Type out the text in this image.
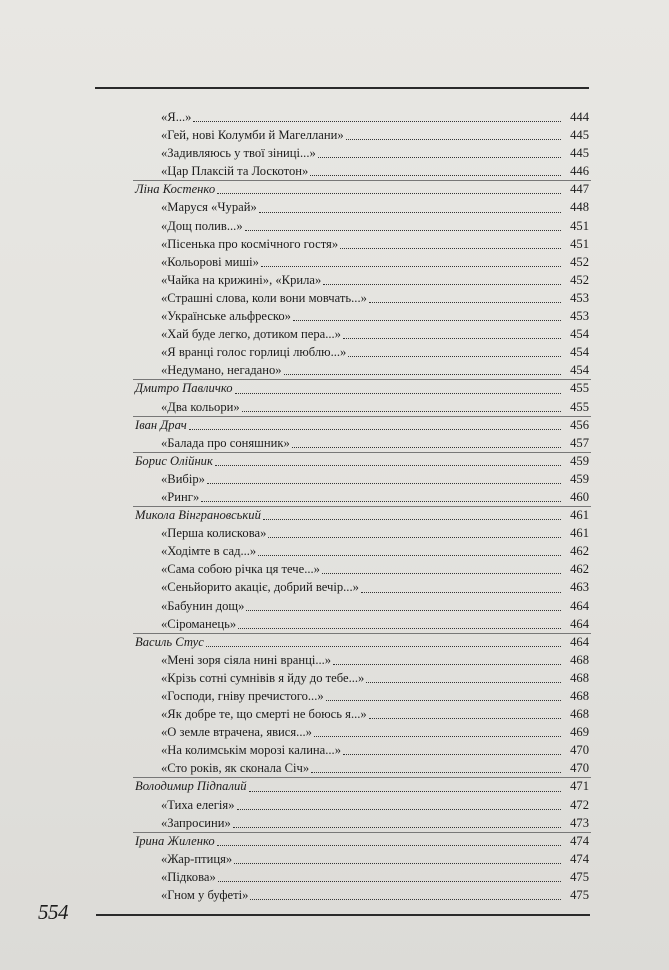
«Я...»	444
«Гей, нові Колумби й Магеллани»	445
«Задивляюсь у твої зіниці...»	445
«Цар Плаксій та Лоскотон»	446
Ліна Костенко	447
«Маруся «Чурай»	448
«Дощ полив...»	451
«Пісенька про космічного гостя»	451
«Кольорові миші»	452
«Чайка на крижині», «Крила»	452
«Страшні слова, коли вони мовчать...»	453
«Українське альфреско»	453
«Хай буде легко, дотиком пера...»	454
«Я вранці голос горлиці люблю...»	454
«Недумано, негадано»	454
Дмитро Павличко	455
«Два кольори»	455
Іван Драч	456
«Балада про соняшник»	457
Борис Олійник	459
«Вибір»	459
«Ринг»	460
Микола Вінграновський	461
«Перша колискова»	461
«Ходімте в сад...»	462
«Сама собою річка ця тече...»	462
«Сеньйорито акаціє, добрий вечір...»	463
«Бабунин дощ»	464
«Сіроманець»	464
Василь Стус	464
«Мені зоря сіяла нині вранці...»	468
«Крізь сотні сумнівів я йду до тебе...»	468
«Господи, гніву пречистого...»	468
«Як добре те, що смерті не боюсь я...»	468
«О земле втрачена, явися...»	469
«На колимськім морозі калина...»	470
«Сто років, як сконала Січ»	470
Володимир Підпалий	471
«Тиха елегія»	472
«Запросини»	473
Ірина Жиленко	474
«Жар-птиця»	474
«Підкова»	475
«Гном у буфеті»	475
554
